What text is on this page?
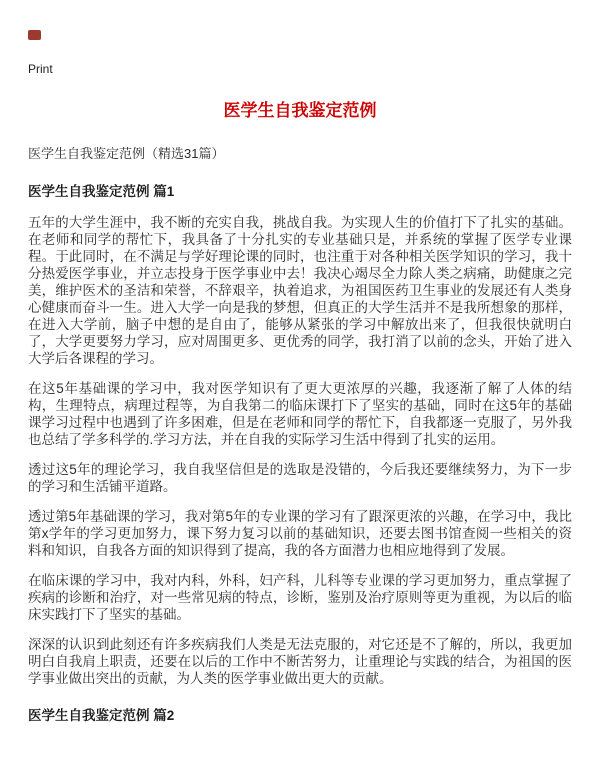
Print
医学生自我鉴定范例
医学生自我鉴定范例（精选31篇）
医学生自我鉴定范例 篇1

五年的大学生涯中，我不断的充实自我，挑战自我。为实现人生的价值打下了扎实的基础。在老师和同学的帮忙下，我具备了十分扎实的专业基础只是，并系统的掌握了医学专业课程。于此同时，在不满足与学好理论课的同时，也注重于对各种相关医学知识的学习，我十分热爱医学事业，并立志投身于医学事业中去！我决心竭尽全力除人类之病痛，助健康之完美，维护医术的圣洁和荣誉，不辞艰辛，执着追求，为祖国医药卫生事业的发展还有人类身心健康而奋斗一生。进入大学一向是我的梦想，但真正的大学生活并不是我所想象的那样，在进入大学前，脑子中想的是自由了，能够从紧张的学习中解放出来了，但我很快就明白了，大学更要努力学习，应对周围更多、更优秀的同学，我打消了以前的念头，开始了进入大学后各课程的学习。

在这5年基础课的学习中，我对医学知识有了更大更浓厚的兴趣，我逐渐了解了人体的结构，生理特点，病理过程等，为自我第二的临床课打下了坚实的基础，同时在这5年的基础课学习过程中也遇到了许多困难，但是在老师和同学的帮忙下，自我都逐一克服了，另外我也总结了学多科学的.学习方法，并在自我的实际学习生活中得到了扎实的运用。

透过这5年的理论学习，我自我坚信但是的选取是没错的，今后我还要继续努力，为下一步的学习和生活铺平道路。

透过第5年基础课的学习，我对第5年的专业课的学习有了跟深更浓的兴趣，在学习中，我比第x学年的学习更加努力，课下努力复习以前的基础知识，还要去图书馆查阅一些相关的资料和知识，自我各方面的知识得到了提高，我的各方面潜力也相应地得到了发展。

在临床课的学习中，我对内科，外科，妇产科，儿科等专业课的学习更加努力，重点掌握了疾病的诊断和治疗，对一些常见病的特点，诊断，鉴别及治疗原则等更为重视，为以后的临床实践打下了坚实的基础。

深深的认识到此刻还有许多疾病我们人类是无法克服的，对它还是不了解的，所以，我更加明白自我肩上职责，还要在以后的工作中不断苦努力，让重理论与实践的结合，为祖国的医学事业做出突出的贡献，为人类的医学事业做出更大的贡献。

医学生自我鉴定范例 篇2
